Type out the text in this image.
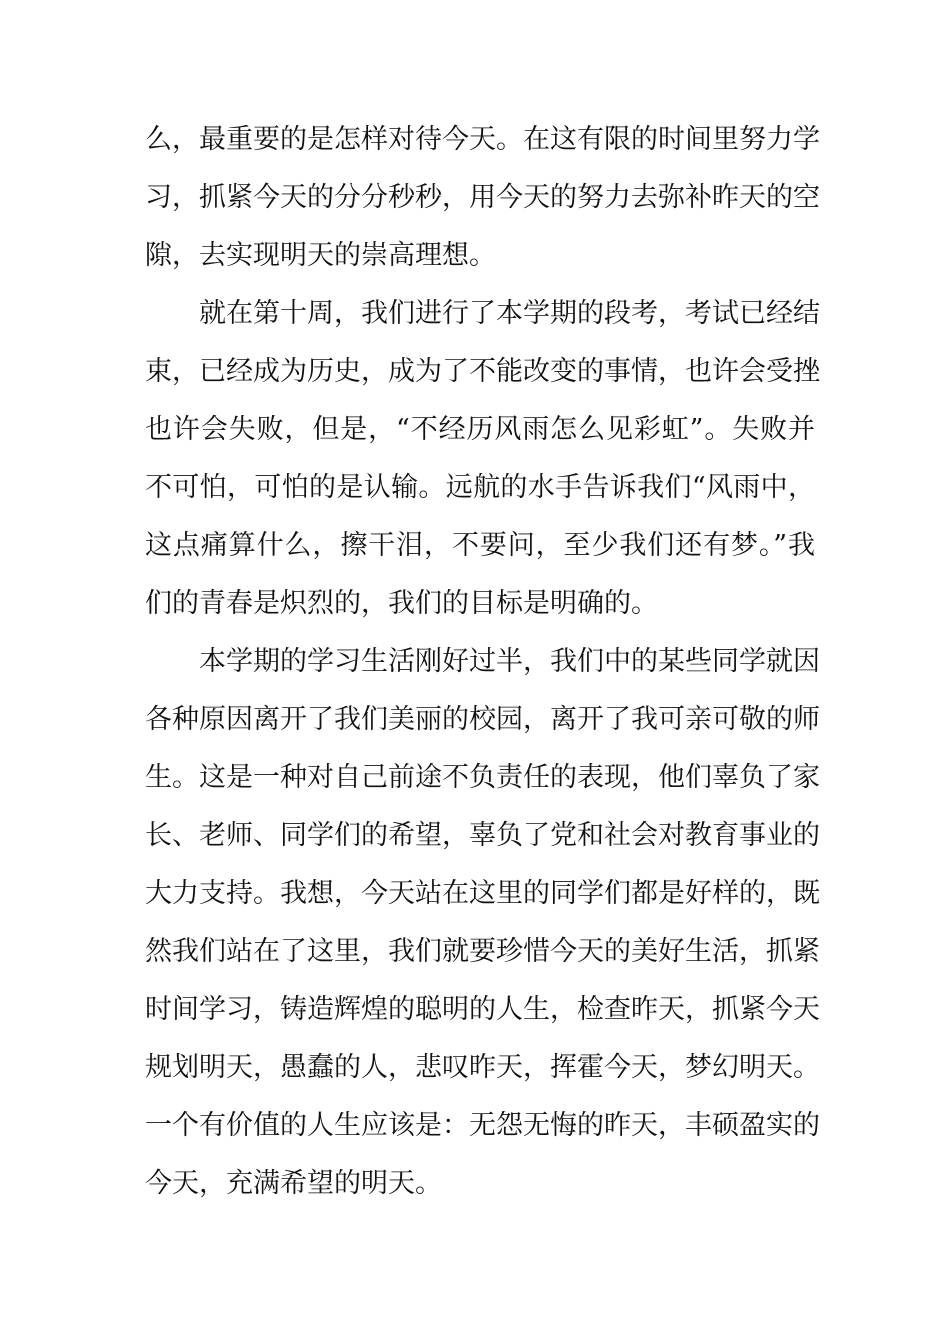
么，最重要的是怎样对待今天。在这有限的时间里努力学
习，抓紧今天的分分秒秒，用今天的努力去弥补昨天的空
隙，去实现明天的崇高理想。
就在第十周，我们进行了本学期的段考，考试已经结
束，已经成为历史，成为了不能改变的事情，也许会受挫
也许会失败，但是，“不经历风雨怎么见彩虹”。失败并
不可怕，可怕的是认输。远航的水手告诉我们“风雨中，
这点痛算什么，擦干泪，不要问，至少我们还有梦。”我
们的青春是炽烈的，我们的目标是明确的。
本学期的学习生活刚好过半，我们中的某些同学就因
各种原因离开了我们美丽的校园，离开了我可亲可敬的师
生。这是一种对自己前途不负责任的表现，他们辜负了家
长、老师、同学们的希望，辜负了党和社会对教育事业的
大力支持。我想，今天站在这里的同学们都是好样的，既
然我们站在了这里，我们就要珍惜今天的美好生活，抓紧
时间学习，铸造辉煌的聪明的人生，检查昨天，抓紧今天
规划明天，愚蠢的人，悲叹昨天，挥霍今天，梦幻明天。
一个有价值的人生应该是：无怨无悔的昨天，丰硕盈实的
今天，充满希望的明天。
